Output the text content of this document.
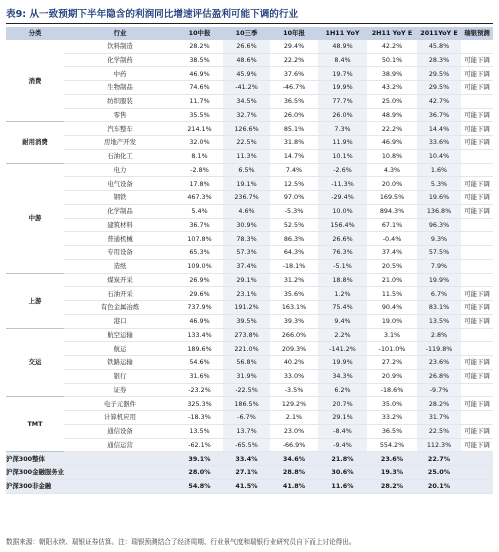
表9: 从一致预期下半年隐含的利润同比增速评估盈利可能下调的行业
分类	行业	10中报	10三季	10年报	1H11 YoY	2H11 YoY E	2011YoY E	瑞银预测
消费	饮料制造	28.2%	26.6%	29.4%	48.9%	42.2%	45.8%	
	化学制药	38.5%	48.6%	22.2%	8.4%	50.1%	28.3%	可能下调
	中药	46.9%	45.9%	37.6%	19.7%	38.9%	29.5%	可能下调
	生物制品	74.6%	-41.2%	-46.7%	19.9%	43.2%	29.5%	可能下调
	纺织服装	11.7%	34.5%	36.5%	77.7%	25.0%	42.7%	
	零售	35.5%	32.7%	26.0%	26.0%	48.9%	36.7%	可能下调
耐用消费	汽车整车	214.1%	126.6%	85.1%	7.3%	22.2%	14.4%	可能下调
	房地产开发	32.0%	22.5%	31.8%	11.9%	46.9%	33.6%	可能下调
	石油化工	8.1%	11.3%	14.7%	10.1%	10.8%	10.4%	
中游	电力	-2.8%	6.5%	7.4%	-2.6%	4.3%	1.6%	
	电气设备	17.8%	19.1%	12.5%	-11.3%	20.0%	5.3%	可能下调
	钢铁	467.3%	236.7%	97.0%	-29.4%	169.5%	19.6%	可能下调
	化学制品	5.4%	4.6%	-5.3%	10.0%	894.3%	136.8%	可能下调
	建筑材料	36.7%	30.9%	52.5%	156.4%	67.1%	96.3%	
	普通机械	107.8%	78.3%	86.3%	26.6%	-0.4%	9.3%	
	专用设备	65.3%	57.3%	64.3%	76.3%	37.4%	57.5%	
	造纸	109.0%	37.4%	-18.1%	-5.1%	20.5%	7.9%	
上游	煤炭开采	26.9%	29.1%	31.2%	18.8%	21.0%	19.9%	
	石油开采	29.6%	23.1%	35.6%	1.2%	11.5%	6.7%	可能下调
	有色金属冶炼	737.9%	191.2%	163.1%	75.4%	90.4%	83.1%	可能下调
	港口	46.9%	39.5%	39.3%	9.4%	19.0%	13.5%	可能下调
交运	航空运输	133.4%	273.8%	266.0%	2.2%	3.1%	2.8%	
	航运	189.6%	221.0%	209.3%	-141.2%	-101.0%	-119.8%	
	铁路运输	54.6%	56.8%	40.2%	19.9%	27.2%	23.6%	可能下调
	银行	31.6%	31.9%	33.0%	34.3%	20.9%	26.8%	可能下调
	证券	-23.2%	-22.5%	-3.5%	6.2%	-18.6%	-9.7%	
TMT	电子元器件	325.3%	186.5%	129.2%	20.7%	35.0%	28.2%	可能下调
	计算机应用	-18.3%	-6.7%	2.1%	29.1%	33.2%	31.7%	
	通信设备	13.5%	13.7%	23.0%	-8.4%	36.5%	22.5%	可能下调
	通信运营	-62.1%	-65.5%	-66.9%	-9.4%	554.2%	112.3%	可能下调
沪深300整体		39.1%	33.4%	34.6%	21.8%	23.6%	22.7%	
沪深300金融服务业		28.0%	27.1%	28.8%	30.6%	19.3%	25.0%	
沪深300非金融		54.8%	41.5%	41.8%	11.6%	28.2%	20.1%	
数据来源：朝阳永续、瑞银证券估算。注：瑞银预测结合了经济周期、行业景气度和瑞银行业研究员自下而上讨论得出。
